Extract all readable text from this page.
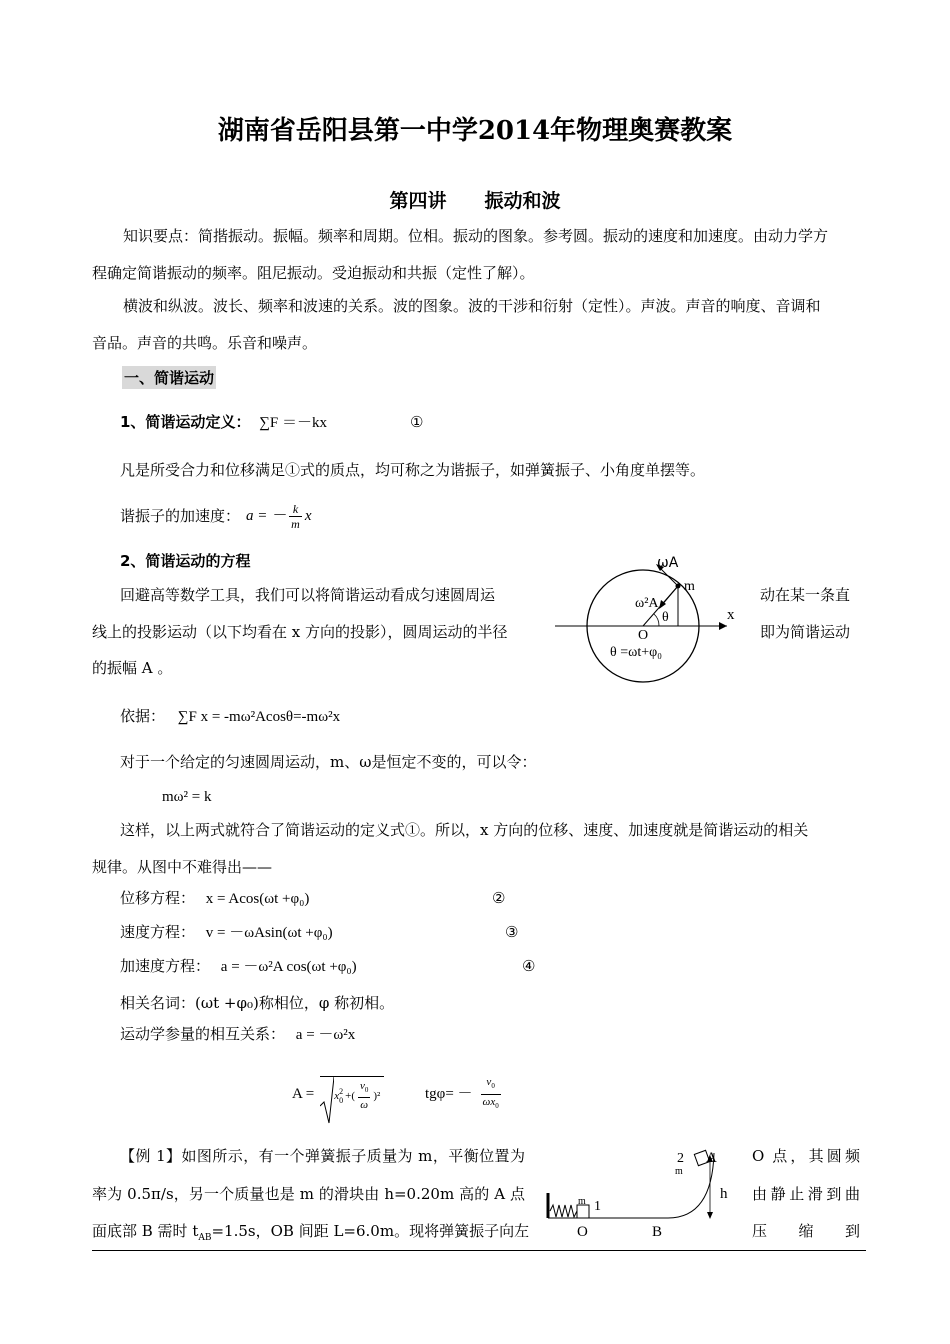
湖南省岳阳县第一中学2014年物理奥赛教案
第四讲　　振动和波
知识要点：简揩振动。振幅。频率和周期。位相。振动的图象。参考圆。振动的速度和加速度。由动力学方
程确定简谐振动的频率。阻尼振动。受迫振动和共振（定性了解）。
横波和纵波。波长、频率和波速的关系。波的图象。波的干涉和衍射（定性）。声波。声音的响度、音调和
音品。声音的共鸣。乐音和噪声。
一、简谐运动
1、简谐运动定义： ∑F ＝－kx	①
凡是所受合力和位移满足①式的质点，均可称之为谐振子，如弹簧振子、小角度单摆等。
谐振子的加速度： a = － $\frac{k}{m}$ x
2、简谐运动的方程
回避高等数学工具，我们可以将简谐运动看成匀速圆周运	动在某一条直
线上的投影运动（以下均看在 x 方向的投影），圆周运动的半径	即为简谐运动
的振幅 A 。
ωA
m
ω²A
θ	x
O
θ =ωt+φ₀
依据： ∑F x = -mω²Acosθ=-mω²x
对于一个给定的匀速圆周运动，m、ω是恒定不变的，可以令：
mω² = k
这样，以上两式就符合了简谐运动的定义式①。所以，x 方向的位移、速度、加速度就是简谐运动的相关
规律。从图中不难得出——
位移方程： x = Acos(ωt +φ₀)	②
速度方程： v = －ωAsin(ωt +φ₀)	③
加速度方程： a = －ω²A cos(ωt +φ₀)	④
相关名词：(ωt +φ₀)称相位，φ 称初相。
运动学参量的相互关系： a = －ω²x
A = x 2
0 +( $\frac{v_0}{\omega} )^2$	$tg\varphi= - \frac{v_0}{\omega x_0}$
【例 1】如图所示，有一个弹簧振子质量为 m，平衡位置为	O 点，其圆频
率为 0.5π/s，另一个质量也是 m 的滑块由 h=0.20m 高的 A 点	由静止滑到曲
面底部 B 需时 $t_{AB}=1.5s$，OB 间距 L=6.0m。现将弹簧振子向左	压　　缩　　到
2 A
m
h
m 1
O	B
